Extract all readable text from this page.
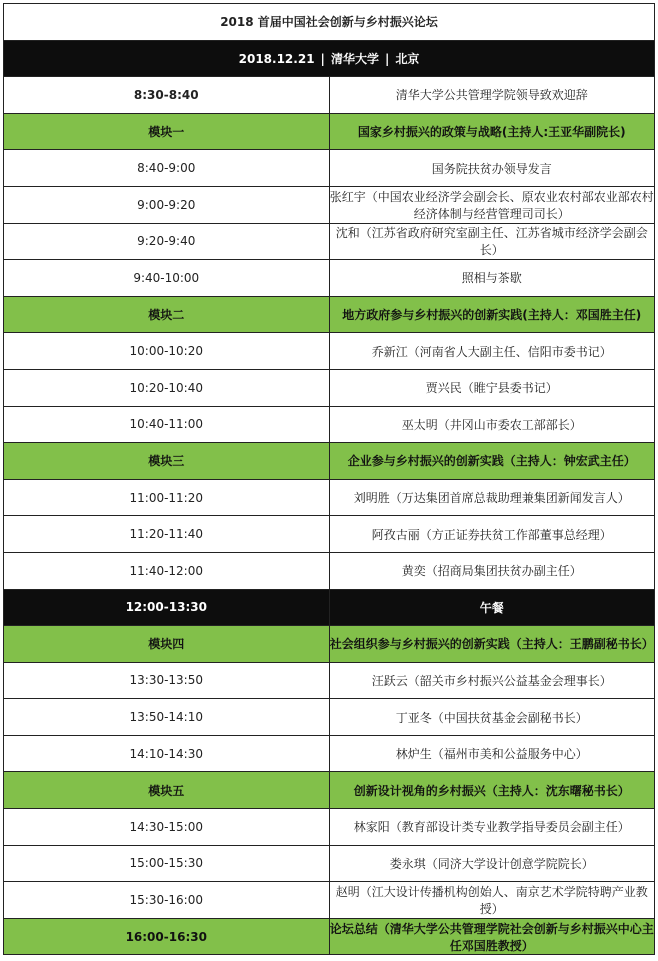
2018 首届中国社会创新与乡村振兴论坛	
2018.12.21 | 清华大学 | 北京	
8:30-8:40	清华大学公共管理学院领导致欢迎辞
模块一	国家乡村振兴的政策与战略(主持人:王亚华副院长)
8:40-9:00	国务院扶贫办领导发言
9:00-9:20	张红宇（中国农业经济学会副会长、原农业农村部农业部农村经济体制与经营管理司司长）
9:20-9:40	沈和（江苏省政府研究室副主任、江苏省城市经济学会副会长）
9:40-10:00	照相与茶歇
模块二	地方政府参与乡村振兴的创新实践(主持人：邓国胜主任)
10:00-10:20	乔新江（河南省人大副主任、信阳市委书记）
10:20-10:40	贾兴民（睢宁县委书记）
10:40-11:00	巫太明（井冈山市委农工部部长）
模块三	企业参与乡村振兴的创新实践（主持人：钟宏武主任）
11:00-11:20	刘明胜（万达集团首席总裁助理兼集团新闻发言人）
11:20-11:40	阿孜古丽（方正证券扶贫工作部董事总经理）
11:40-12:00	黄奕（招商局集团扶贫办副主任）
12:00-13:30	午餐
模块四	社会组织参与乡村振兴的创新实践（主持人：王鹏副秘书长）
13:30-13:50	汪跃云（韶关市乡村振兴公益基金会理事长）
13:50-14:10	丁亚冬（中国扶贫基金会副秘书长）
14:10-14:30	林炉生（福州市美和公益服务中心）
模块五	创新设计视角的乡村振兴（主持人：沈东曙秘书长）
14:30-15:00	林家阳（教育部设计类专业教学指导委员会副主任）
15:00-15:30	娄永琪（同济大学设计创意学院院长）
15:30-16:00	赵明（江大设计传播机构创始人、南京艺术学院特聘产业教授）
16:00-16:30	论坛总结（清华大学公共管理学院社会创新与乡村振兴中心主任邓国胜教授）
